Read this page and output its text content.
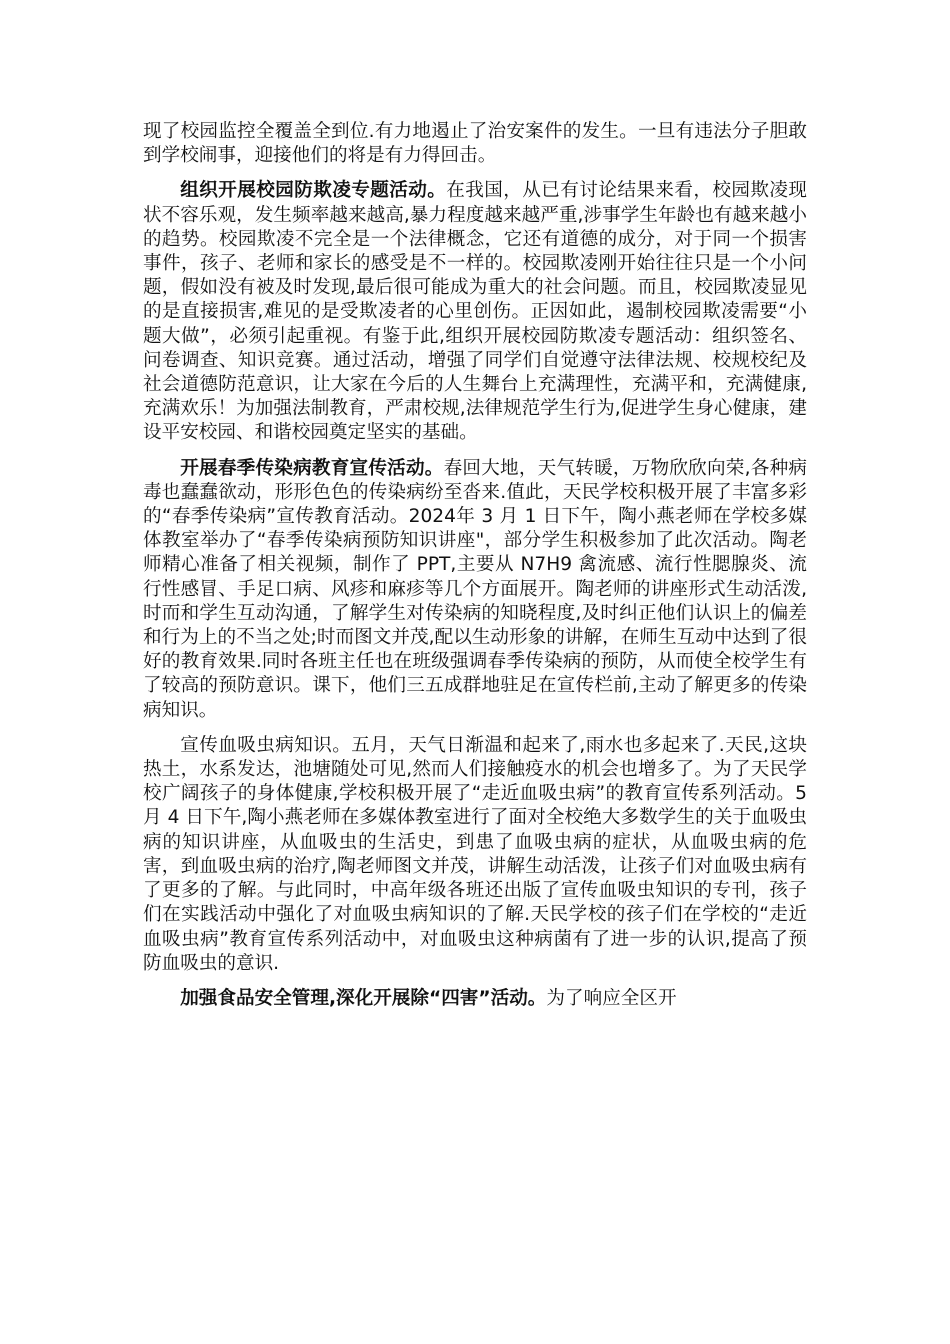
现了校园监控全覆盖全到位.有力地遏止了治安案件的发生。一旦有违法分子胆敢到学校闹事，迎接他们的将是有力得回击。

组织开展校园防欺凌专题活动。在我国，从已有讨论结果来看，校园欺凌现状不容乐观，发生频率越来越高,暴力程度越来越严重,涉事学生年龄也有越来越小的趋势。校园欺凌不完全是一个法律概念，它还有道德的成分，对于同一个损害事件，孩子、老师和家长的感受是不一样的。校园欺凌刚开始往往只是一个小问题，假如没有被及时发现,最后很可能成为重大的社会问题。而且，校园欺凌显见的是直接损害,难见的是受欺凌者的心里创伤。正因如此，遏制校园欺凌需要“小题大做”，必须引起重视。有鉴于此,组织开展校园防欺凌专题活动：组织签名、问卷调查、知识竞赛。通过活动，增强了同学们自觉遵守法律法规、校规校纪及社会道德防范意识，让大家在今后的人生舞台上充满理性，充满平和，充满健康,充满欢乐！为加强法制教育，严肃校规,法律规范学生行为,促进学生身心健康，建设平安校园、和谐校园奠定坚实的基础。

开展春季传染病教育宣传活动。春回大地，天气转暖，万物欣欣向荣,各种病毒也蠢蠢欲动，形形色色的传染病纷至沓来.值此，天民学校积极开展了丰富多彩的“春季传染病”宣传教育活动。2024年 3 月 1 日下午，陶小燕老师在学校多媒体教室举办了“春季传染病预防知识讲座"，部分学生积极参加了此次活动。陶老师精心准备了相关视频，制作了 PPT,主要从 N7H9 禽流感、流行性腮腺炎、流行性感冒、手足口病、风疹和麻疹等几个方面展开。陶老师的讲座形式生动活泼,时而和学生互动沟通，了解学生对传染病的知晓程度,及时纠正他们认识上的偏差和行为上的不当之处;时而图文并茂,配以生动形象的讲解，在师生互动中达到了很好的教育效果.同时各班主任也在班级强调春季传染病的预防，从而使全校学生有了较高的预防意识。课下，他们三五成群地驻足在宣传栏前,主动了解更多的传染病知识。

宣传血吸虫病知识。五月，天气日渐温和起来了,雨水也多起来了.天民,这块热土，水系发达，池塘随处可见,然而人们接触疫水的机会也增多了。为了天民学校广阔孩子的身体健康,学校积极开展了“走近血吸虫病”的教育宣传系列活动。5 月 4 日下午,陶小燕老师在多媒体教室进行了面对全校绝大多数学生的关于血吸虫病的知识讲座，从血吸虫的生活史，到患了血吸虫病的症状，从血吸虫病的危害，到血吸虫病的治疗,陶老师图文并茂，讲解生动活泼，让孩子们对血吸虫病有了更多的了解。与此同时，中高年级各班还出版了宣传血吸虫知识的专刊，孩子们在实践活动中强化了对血吸虫病知识的了解.天民学校的孩子们在学校的“走近血吸虫病”教育宣传系列活动中，对血吸虫这种病菌有了进一步的认识,提高了预防血吸虫的意识.

加强食品安全管理,深化开展除“四害”活动。为了响应全区开
